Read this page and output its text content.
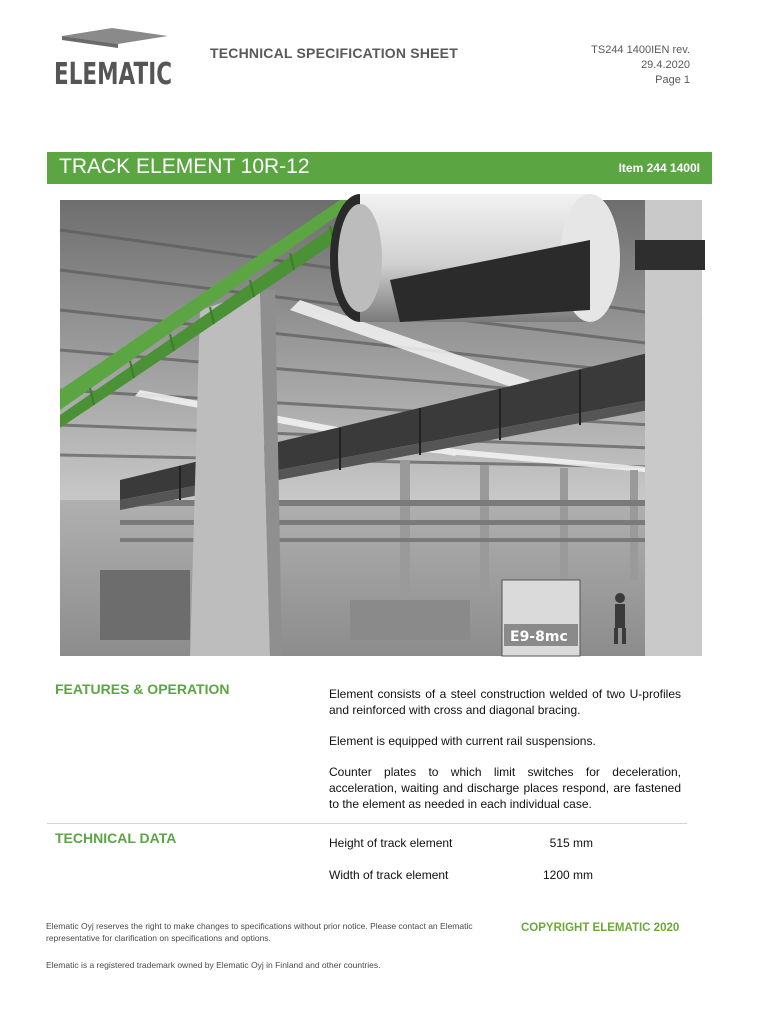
ELEMATIC
TECHNICAL SPECIFICATION SHEET	TS244 1400IEN rev.
29.4.2020
Page 1
TRACK ELEMENT 10R-12	Item 244 1400I
E9-8mc
FEATURES & OPERATION	Element consists of a steel construction welded of two U-profiles and reinforced with cross and diagonal bracing.

Element is equipped with current rail suspensions.

Counter plates to which limit switches for deceleration, acceleration, waiting and discharge places respond, are fastened to the element as needed in each individual case.

TECHNICAL DATA	Height of track element	515 mm
Width of track element	1200 mm
Elematic Oyj reserves the right to make changes to specifications without prior notice. Please contact an Elematic representative for clarification on specifications and options.
Elematic is a registered trademark owned by Elematic Oyj in Finland and other countries.
COPYRIGHT ELEMATIC 2020
